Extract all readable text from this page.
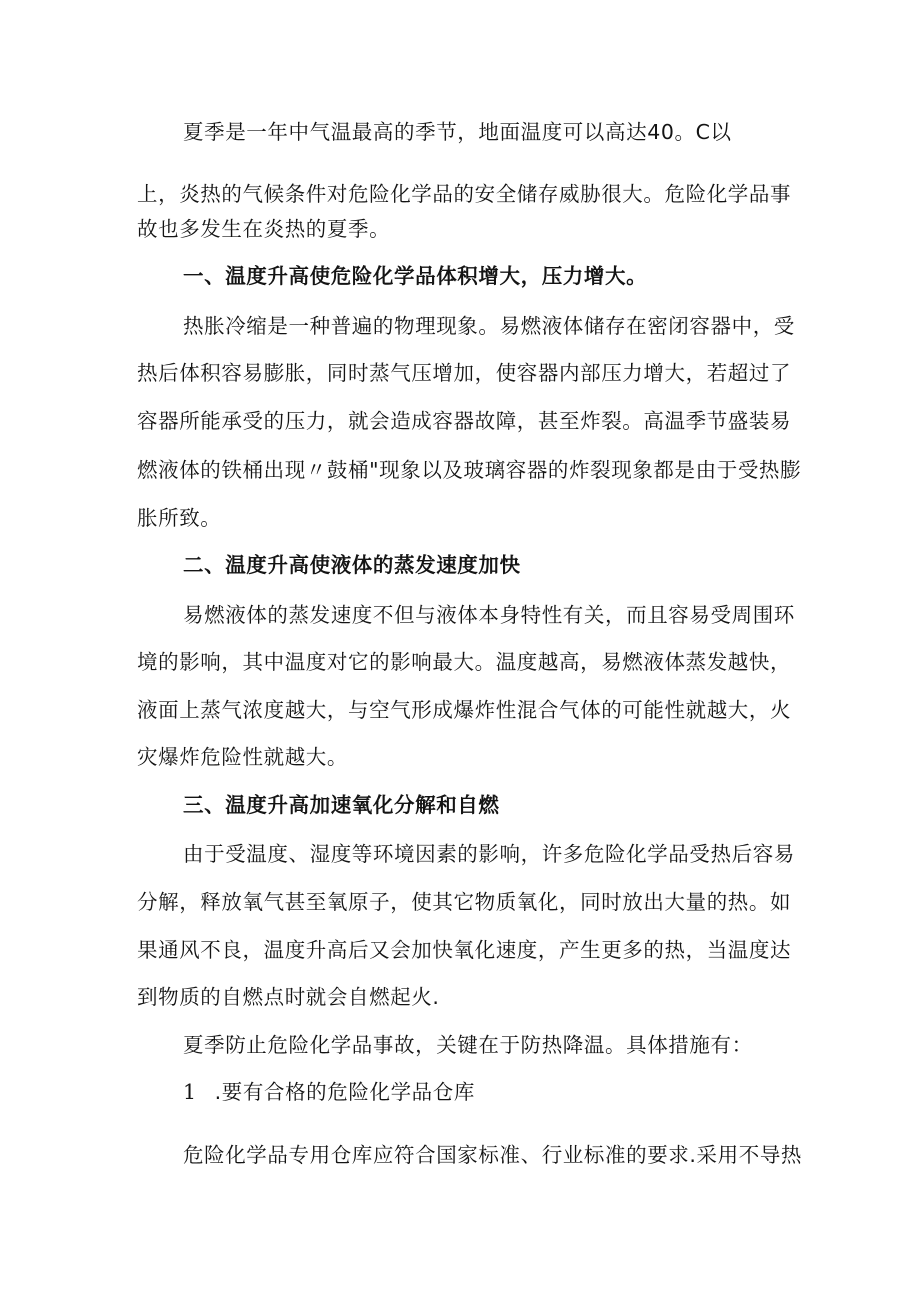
夏季是一年中气温最高的季节，地面温度可以高达40。C以
上，炎热的气候条件对危险化学品的安全储存威胁很大。危险化学品事
故也多发生在炎热的夏季。
一、温度升高使危险化学品体积增大，压力增大。
热胀冷缩是一种普遍的物理现象。易燃液体储存在密闭容器中，受
热后体积容易膨胀，同时蒸气压增加，使容器内部压力增大，若超过了
容器所能承受的压力，就会造成容器故障，甚至炸裂。高温季节盛装易
燃液体的铁桶出现〃鼓桶"现象以及玻璃容器的炸裂现象都是由于受热膨
胀所致。
二、温度升高使液体的蒸发速度加快
易燃液体的蒸发速度不但与液体本身特性有关，而且容易受周围环
境的影响，其中温度对它的影响最大。温度越高，易燃液体蒸发越快，
液面上蒸气浓度越大，与空气形成爆炸性混合气体的可能性就越大，火
灾爆炸危险性就越大。
三、温度升高加速氧化分解和自燃
由于受温度、湿度等环境因素的影响，许多危险化学品受热后容易
分解，释放氧气甚至氧原子，使其它物质氧化，同时放出大量的热。如
果通风不良，温度升高后又会加快氧化速度，产生更多的热，当温度达
到物质的自燃点时就会自燃起火.
夏季防止危险化学品事故，关键在于防热降温。具体措施有：
1 .要有合格的危险化学品仓库
危险化学品专用仓库应符合国家标准、行业标准的要求.采用不导热
